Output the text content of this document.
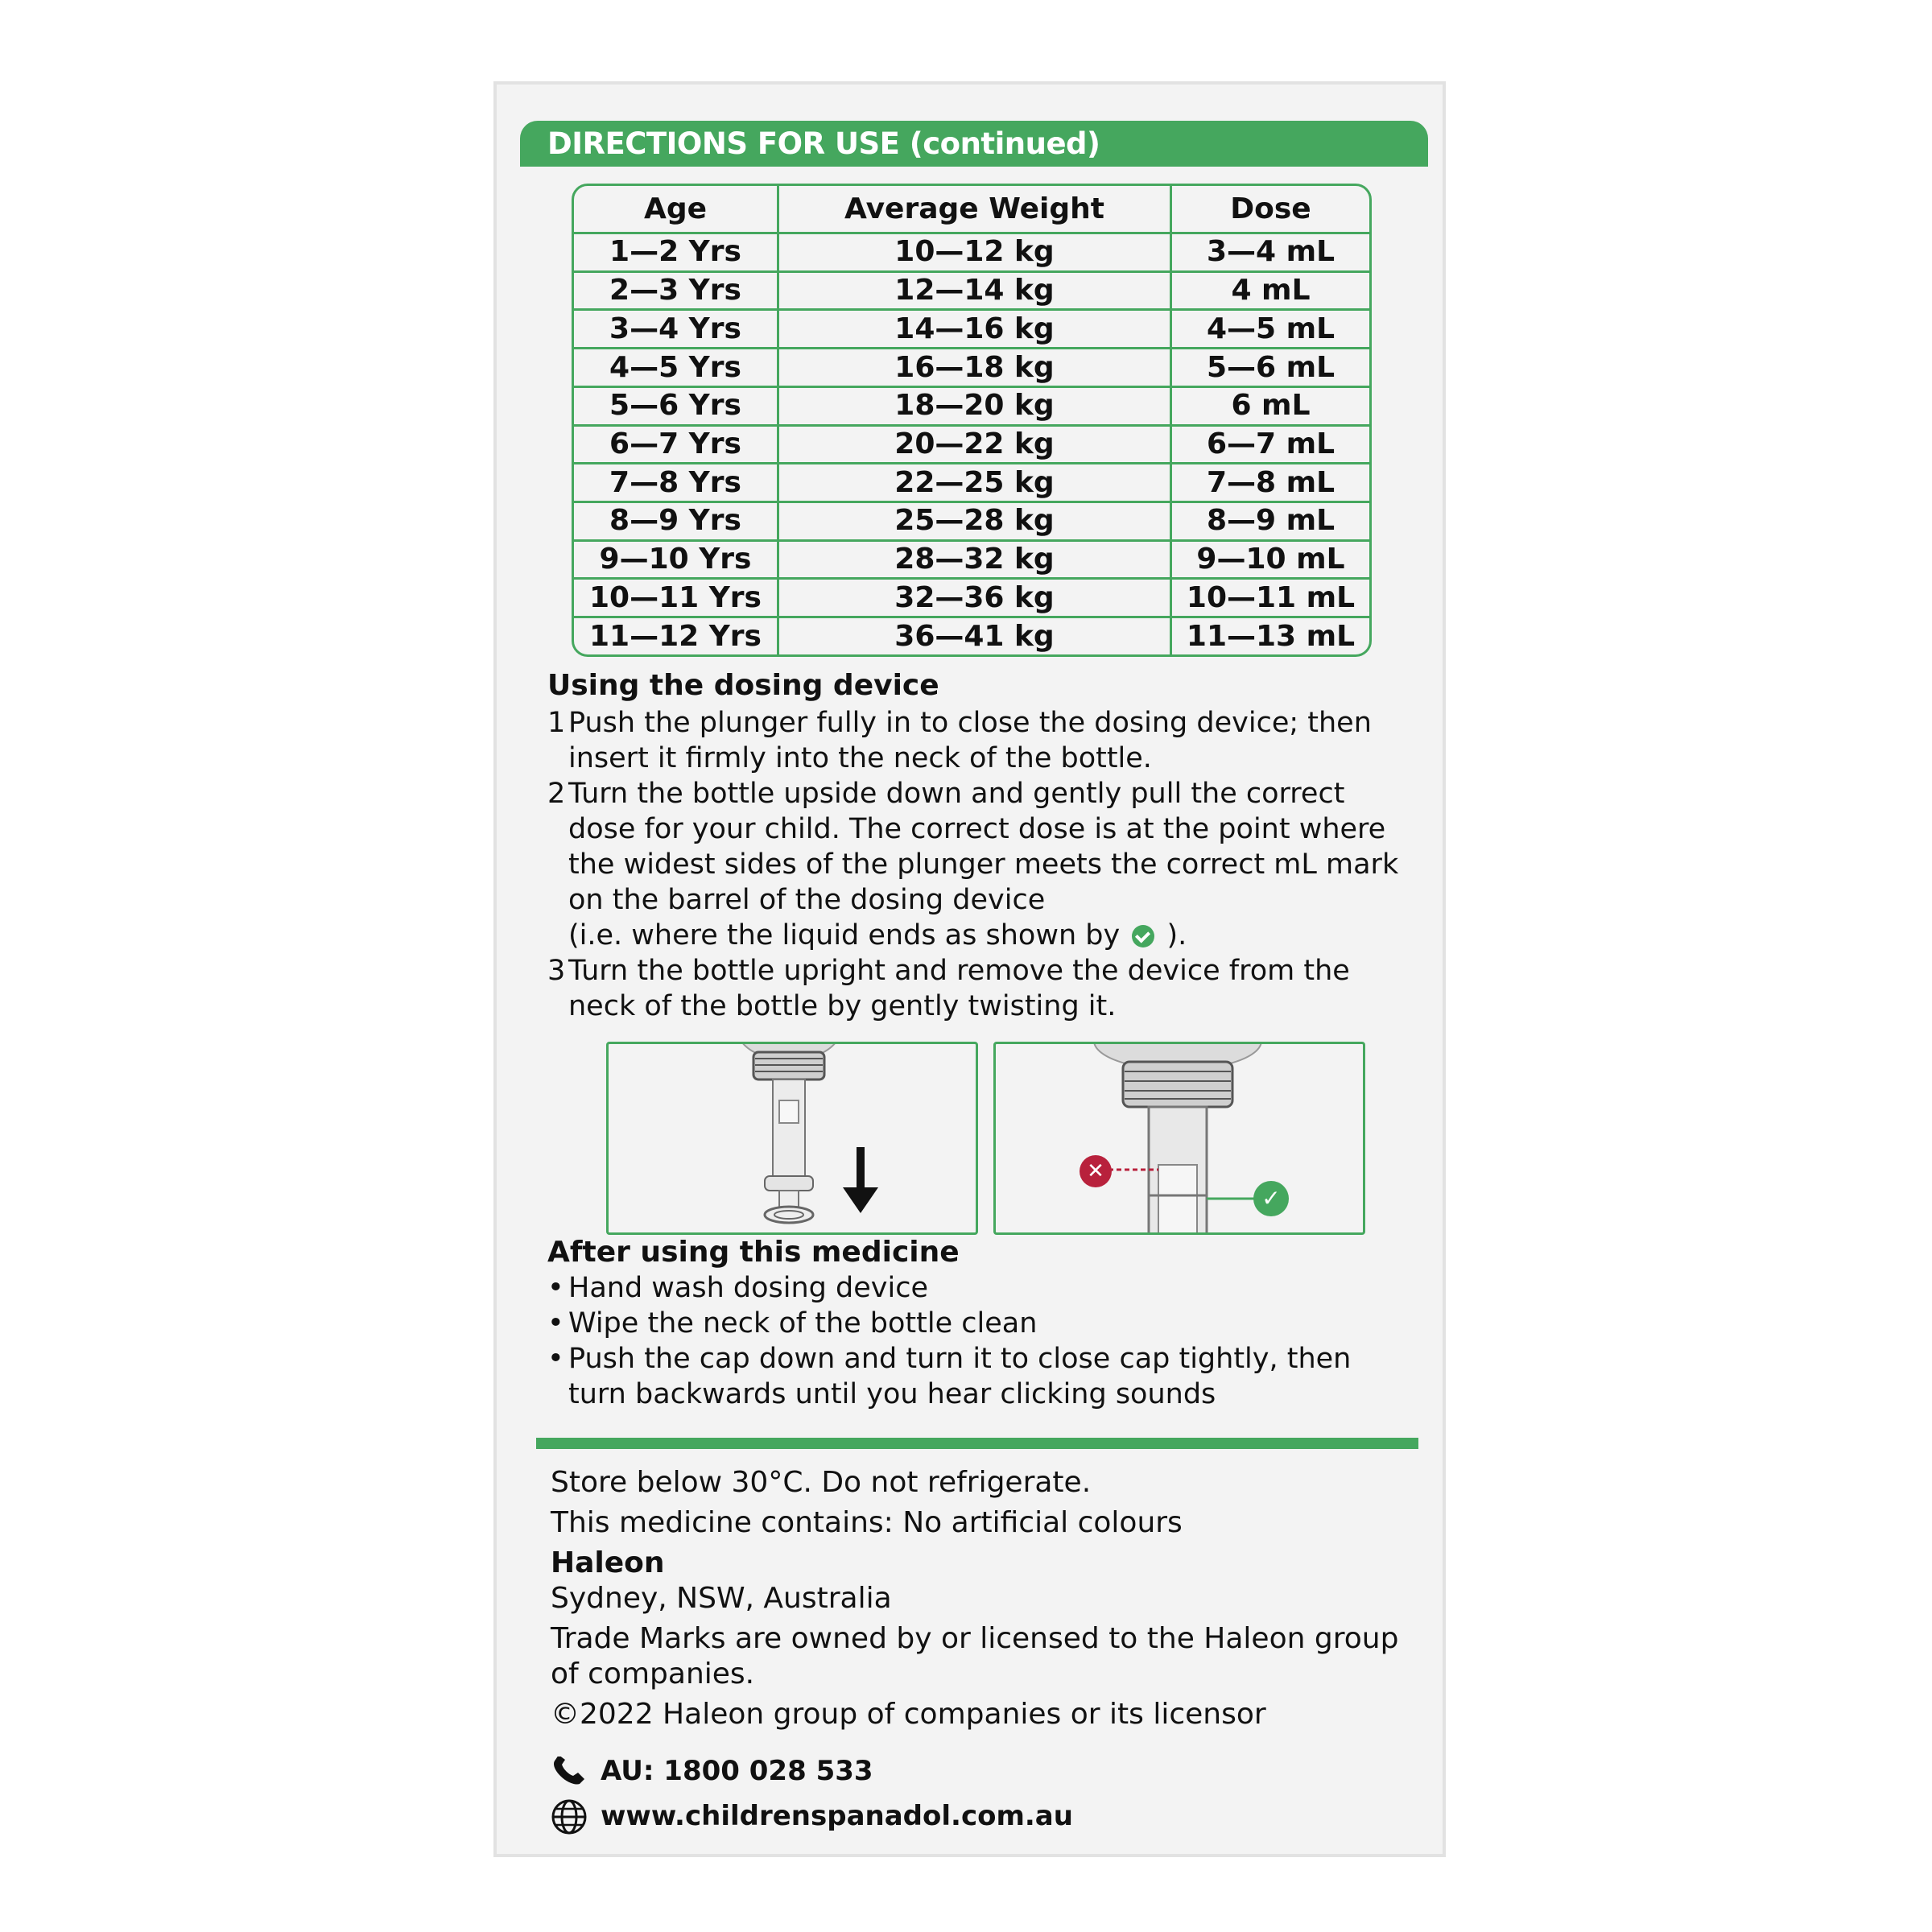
DIRECTIONS FOR USE (continued)
Age	Average Weight	Dose
1—2 Yrs	10—12 kg	3—4 mL
2—3 Yrs	12—14 kg	4 mL
3—4 Yrs	14—16 kg	4—5 mL
4—5 Yrs	16—18 kg	5—6 mL
5—6 Yrs	18—20 kg	6 mL
6—7 Yrs	20—22 kg	6—7 mL
7—8 Yrs	22—25 kg	7—8 mL
8—9 Yrs	25—28 kg	8—9 mL
9—10 Yrs	28—32 kg	9—10 mL
10—11 Yrs	32—36 kg	10—11 mL
11—12 Yrs	36—41 kg	11—13 mL
Using the dosing device
1 Push the plunger fully in to close the dosing device; then insert it firmly into the neck of the bottle.
2 Turn the bottle upside down and gently pull the correct dose for your child. The correct dose is at the point where the widest sides of the plunger meets the correct mL mark on the barrel of the dosing device
(i.e. where the liquid ends as shown by ).
3 Turn the bottle upright and remove the device from the neck of the bottle by gently twisting it.
✕
✓
After using this medicine
• Hand wash dosing device
• Wipe the neck of the bottle clean
• Push the cap down and turn it to close cap tightly, then turn backwards until you hear clicking sounds
Store below 30°C. Do not refrigerate.
This medicine contains: No artificial colours
Haleon
Sydney, NSW, Australia
Trade Marks are owned by or licensed to the Haleon group of companies.
©2022 Haleon group of companies or its licensor
AU: 1800 028 533
www.childrenspanadol.com.au
